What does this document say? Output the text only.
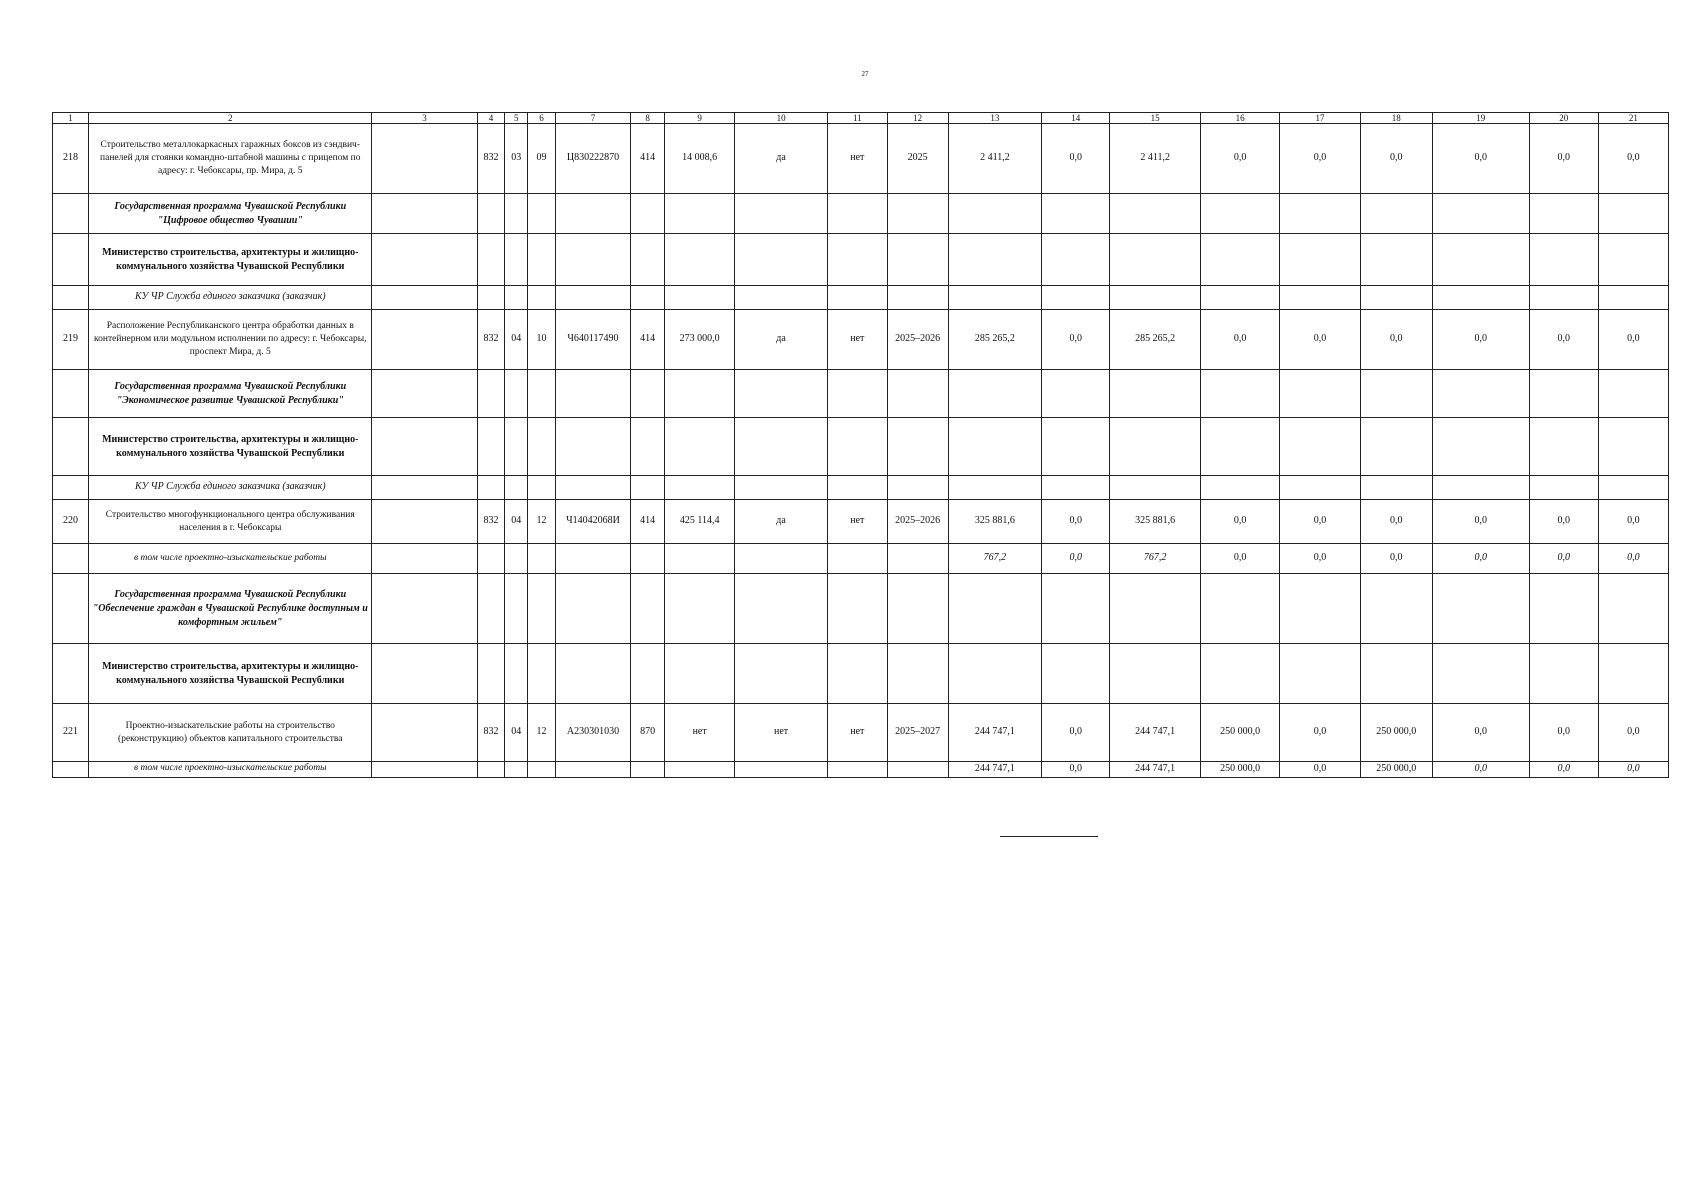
27
1	2	3	4	5	6	7	8	9	10	11	12	13	14	15	16	17	18	19	20	21
218	Строительство металлокаркасных гаражных боксов из сэндвич-панелей для стоянки командно-штабной машины с прицепом по адресу: г. Чебоксары, пр. Мира, д. 5		832	03	09	Ц830222870	414	14 008,6	да	нет	2025	2 411,2	0,0	2 411,2	0,0	0,0	0,0	0,0	0,0	0,0
	Государственная программа Чувашской Республики "Цифровое общество Чувашии"																			
	Министерство строительства, архитектуры и жилищно-коммунального хозяйства Чувашской Республики																			
	КУ ЧР Служба единого заказчика (заказчик)																			
219	Расположение Республиканского центра обработки данных в контейнерном или модульном исполнении по адресу: г. Чебоксары, проспект Мира, д. 5		832	04	10	Ч640117490	414	273 000,0	да	нет	2025–2026	285 265,2	0,0	285 265,2	0,0	0,0	0,0	0,0	0,0	0,0
	Государственная программа Чувашской Республики "Экономическое развитие Чувашской Республики"																			
	Министерство строительства, архитектуры и жилищно-коммунального хозяйства Чувашской Республики																			
	КУ ЧР Служба единого заказчика (заказчик)																			
220	Строительство многофункционального центра обслуживания населения в г. Чебоксары		832	04	12	Ч14042068И	414	425 114,4	да	нет	2025–2026	325 881,6	0,0	325 881,6	0,0	0,0	0,0	0,0	0,0	0,0
	в том числе проектно-изыскательские работы											767,2	0,0	767,2	0,0	0,0	0,0	0,0	0,0	0,0
	Государственная программа Чувашской Республики "Обеспечение граждан в Чувашской Республике доступным и комфортным жильем"																			
	Министерство строительства, архитектуры и жилищно-коммунального хозяйства Чувашской Республики																			
221	Проектно-изыскательские работы на строительство (реконструкцию) объектов капитального строительства		832	04	12	А230301030	870	нет	нет	нет	2025–2027	244 747,1	0,0	244 747,1	250 000,0	0,0	250 000,0	0,0	0,0	0,0
	в том числе проектно-изыскательские работы											244 747,1	0,0	244 747,1	250 000,0	0,0	250 000,0	0,0	0,0	0,0
